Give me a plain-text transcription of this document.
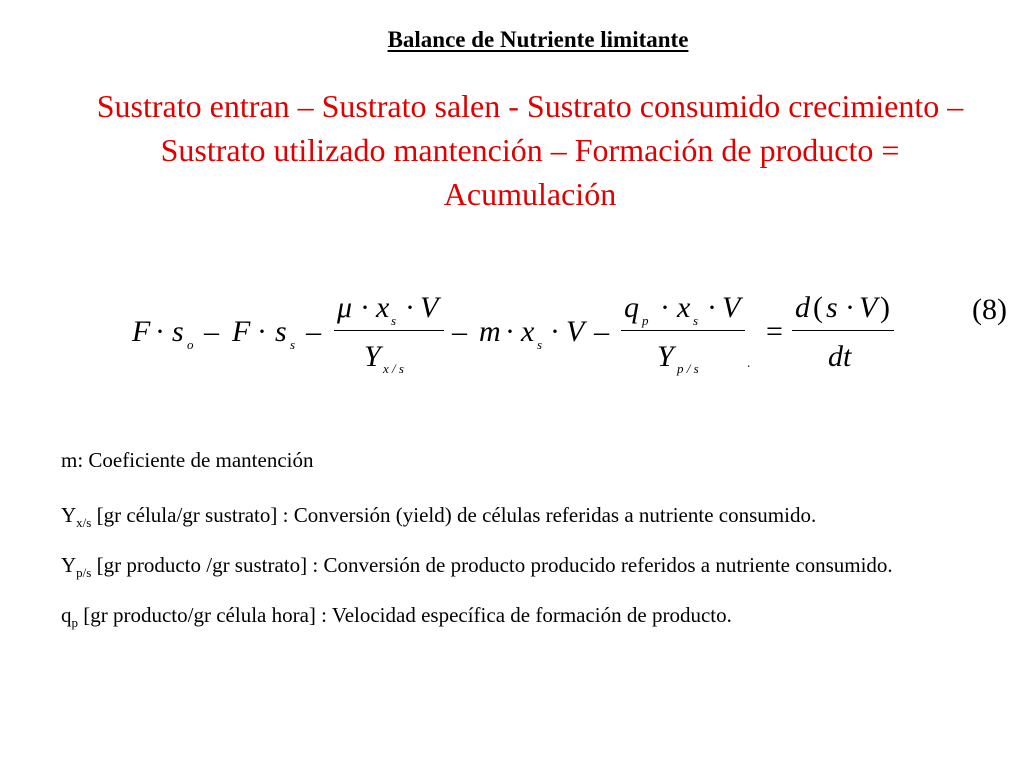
Balance de Nutriente limitante
Sustrato entran – Sustrato salen - Sustrato consumido crecimiento –
Sustrato utilizado mantención – Formación de producto =
Acumulación
F · s o – F · s s –
μ · x s · V
Y x / s
– m · x s · V –
q p · x s · V
Y p / s	.
=
d ( s · V )
dt
(8)

m: Coeficiente de mantención

$Y_{x/s}$ [gr célula/gr sustrato] : Conversión (yield) de células referidas a nutriente consumido.

$Y_{p/s}$ [gr producto /gr sustrato] : Conversión de producto producido referidos a nutriente consumido.

$q_p$ [gr producto/gr célula hora] : Velocidad específica de formación de producto.
